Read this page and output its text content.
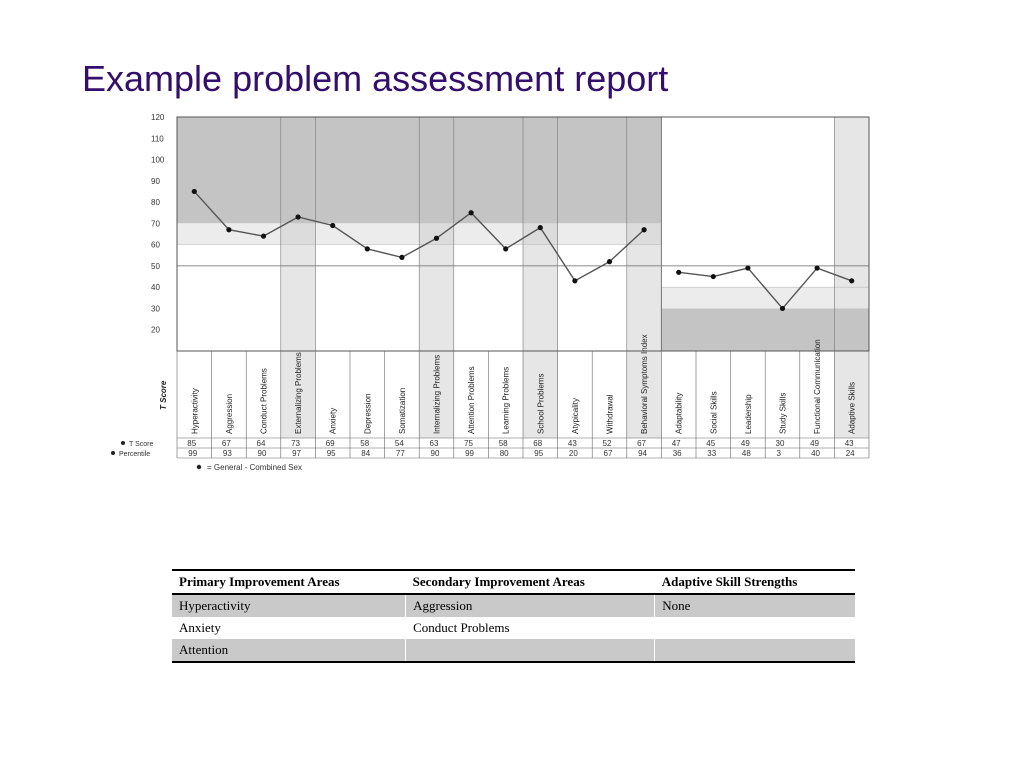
Example problem assessment report
20
30
40
50
60
70
80
90
100
110
120
Hyperactivity	Aggression	Conduct Problems	Externalizing Problems	Anxiety	Depression	Somatization	Internalizing Problems	Attention Problems	Learning Problems	School Problems	Atypicality	Withdrawal	Behavioral Symptoms Index	Adaptability	Social Skills	Leadership	Study Skills	Functional Communication	Adaptive Skills
T Score
T Score
Percentile
85	67	64	73	69	58	54	63	75	58	68	43	52	67	47	45	49	30	49	43
99	93	90	97	95	84	77	90	99	80	95	20	67	94	36	33	48	3	40	24
= General - Combined Sex
Primary Improvement Areas	Secondary Improvement Areas	Adaptive Skill Strengths
Hyperactivity	Aggression	None
Anxiety	Conduct Problems	
Attention		
